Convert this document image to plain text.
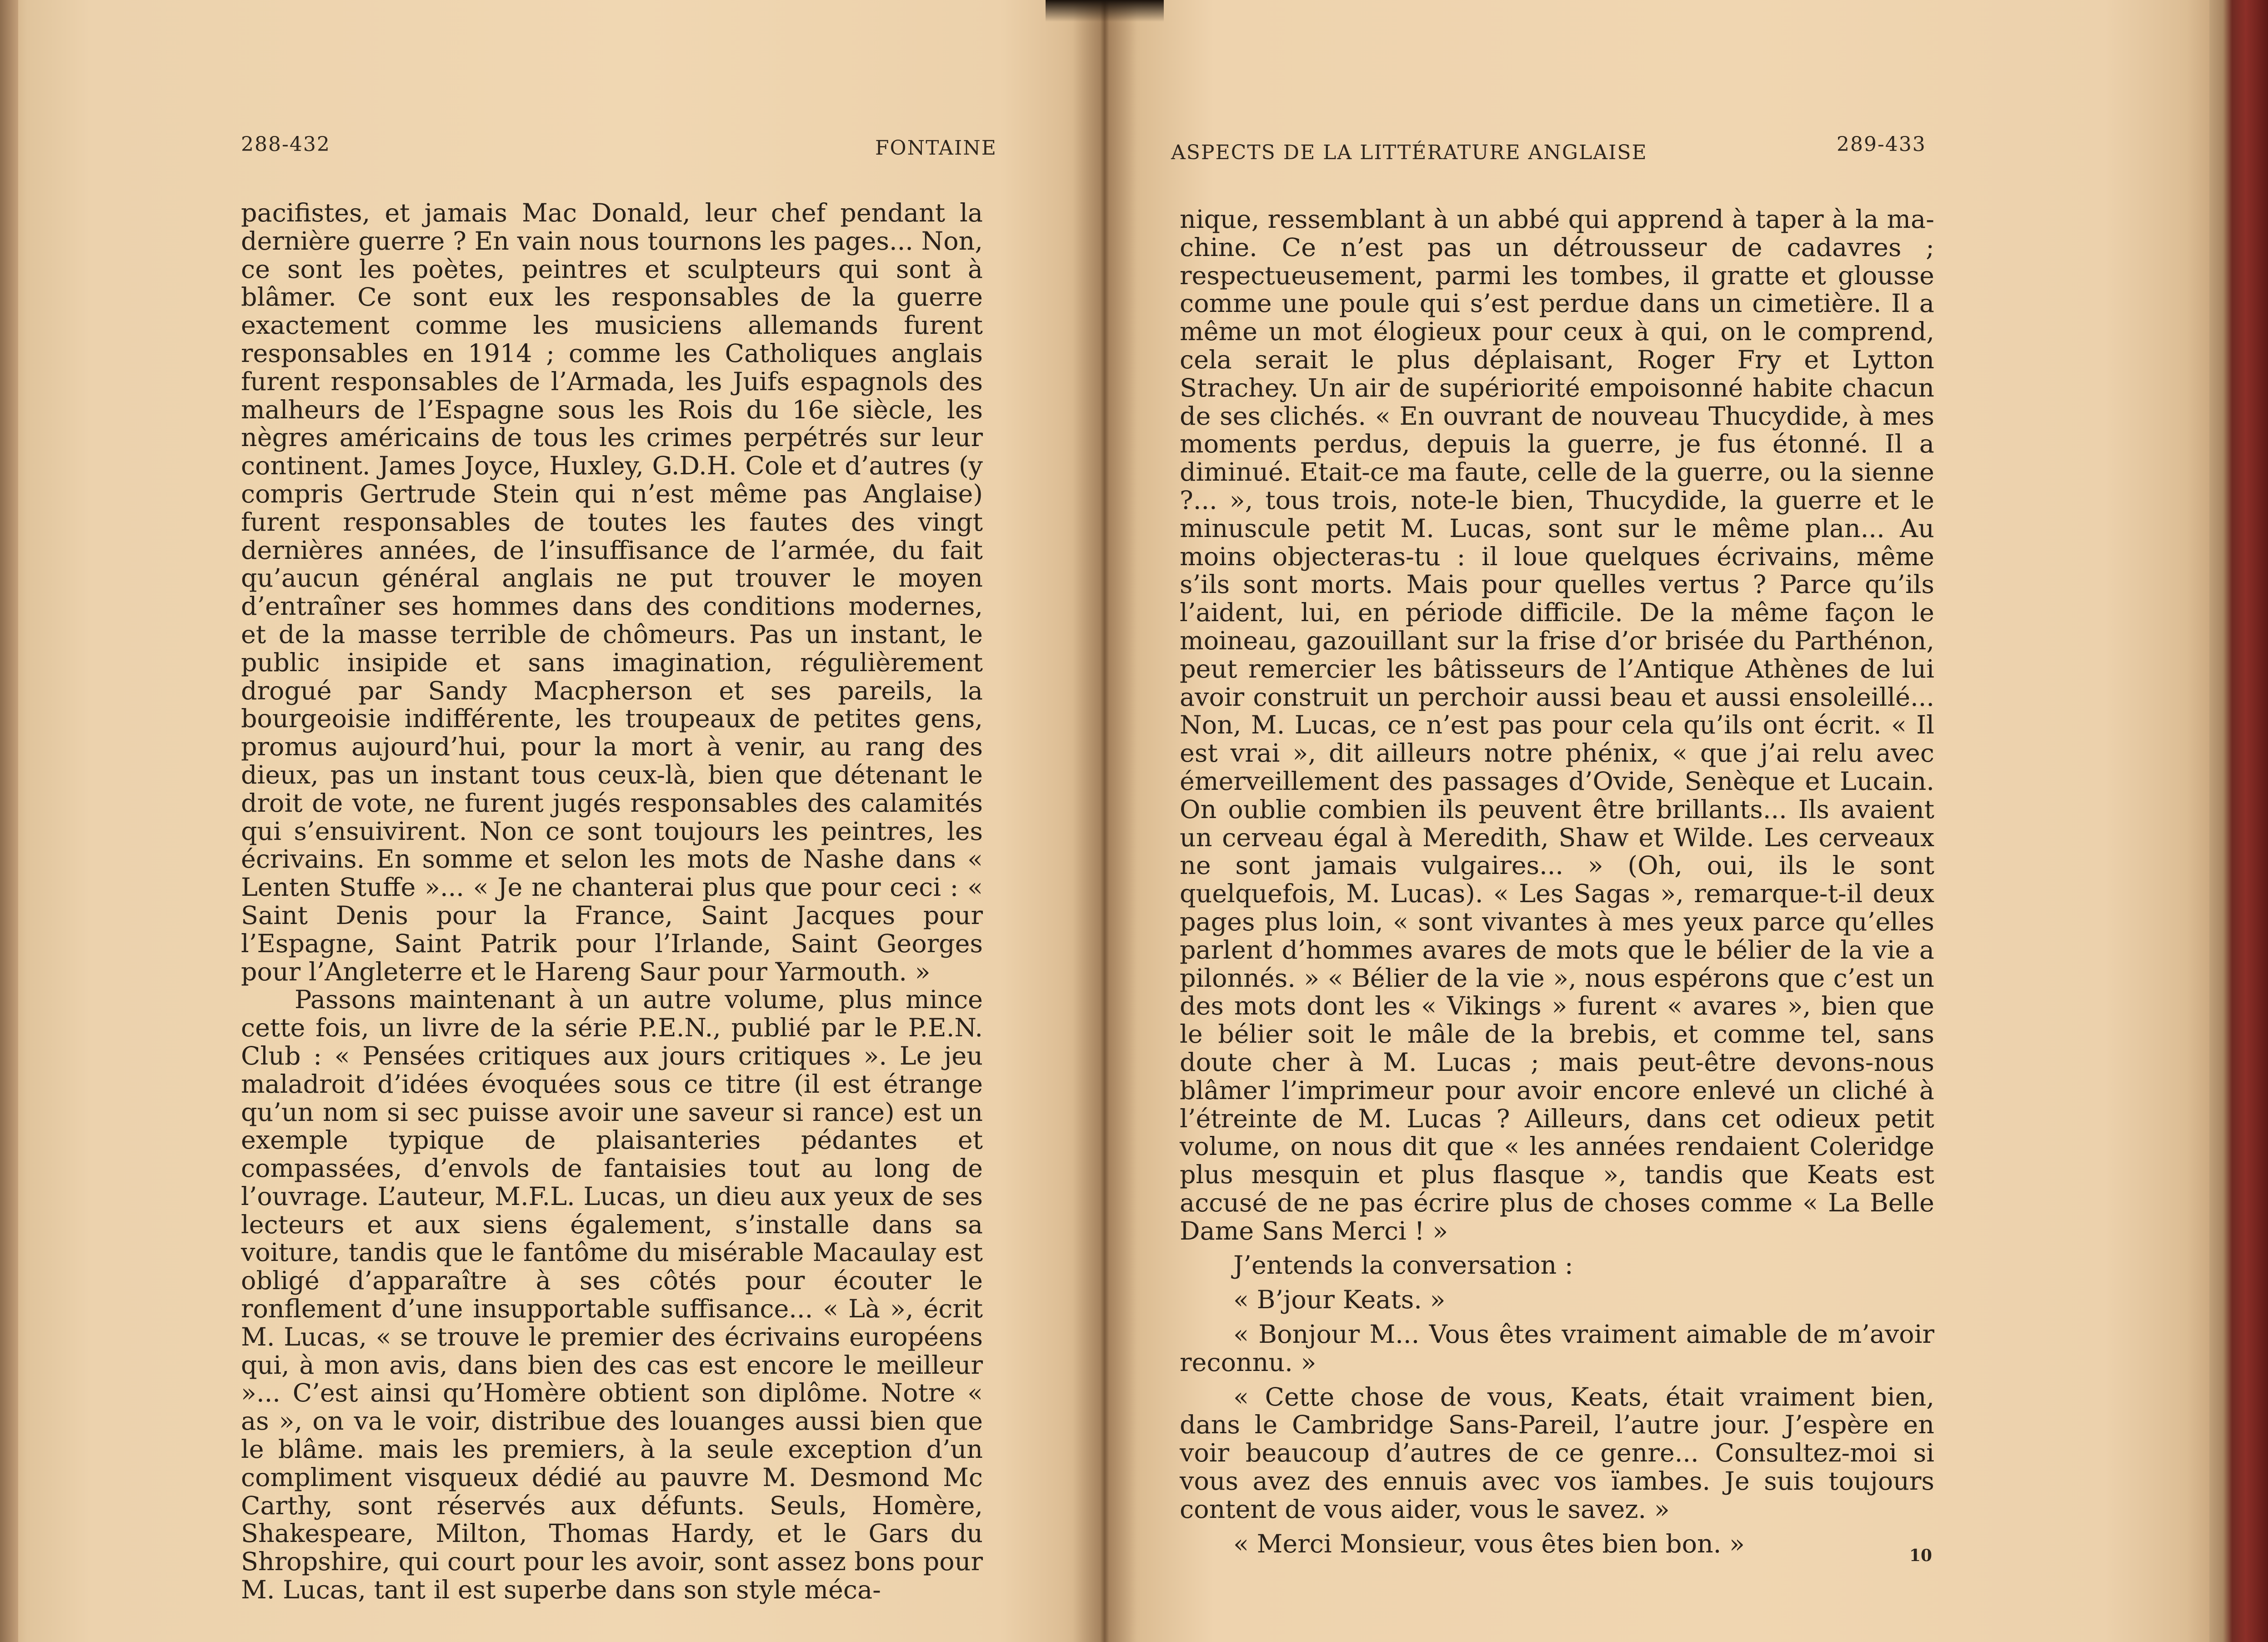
288-432	FONTAINE

pacifistes, et jamais Mac Donald, leur chef pendant la dernière guerre ? En vain nous tournons les pages... Non, ce sont les poètes, peintres et sculpteurs qui sont à blâmer. Ce sont eux les responsables de la guerre exactement comme les musiciens allemands furent responsables en 1914 ; comme les Catholiques anglais furent responsables de l’Armada, les Juifs espagnols des malheurs de l’Espagne sous les Rois du 16e siècle, les nègres américains de tous les crimes perpétrés sur leur continent. James Joyce, Huxley, G.D.H. Cole et d’autres (y compris Gertrude Stein qui n’est même pas Anglaise) furent responsables de toutes les fautes des vingt dernières années, de l’insuffisance de l’armée, du fait qu’aucun général anglais ne put trouver le moyen d’entraîner ses hommes dans des conditions modernes, et de la masse terrible de chômeurs. Pas un instant, le public insipide et sans imagination, régulièrement drogué par Sandy Macpherson et ses pareils, la bourgeoisie indifférente, les troupeaux de petites gens, promus aujourd’hui, pour la mort à venir, au rang des dieux, pas un instant tous ceux-là, bien que détenant le droit de vote, ne furent jugés responsables des calamités qui s’ensuivirent. Non ce sont toujours les peintres, les écrivains. En somme et selon les mots de Nashe dans « Lenten Stuffe »... « Je ne chanterai plus que pour ceci : « Saint Denis pour la France, Saint Jacques pour l’Espagne, Saint Patrik pour l’Irlande, Saint Georges pour l’Angleterre et le Hareng Saur pour Yarmouth. »

Passons maintenant à un autre volume, plus mince cette fois, un livre de la série P.E.N., publié par le P.E.N. Club : « Pensées critiques aux jours critiques ». Le jeu maladroit d’idées évoquées sous ce titre (il est étrange qu’un nom si sec puisse avoir une saveur si rance) est un exemple typique de plaisanteries pédantes et compassées, d’envols de fantaisies tout au long de l’ouvrage. L’auteur, M.F.L. Lucas, un dieu aux yeux de ses lecteurs et aux siens également, s’installe dans sa voiture, tandis que le fantôme du misérable Macaulay est obligé d’apparaître à ses côtés pour écouter le ronflement d’une insupportable suffisance... « Là », écrit M. Lucas, « se trouve le premier des écrivains européens qui, à mon avis, dans bien des cas est encore le meilleur »... C’est ainsi qu’Homère obtient son diplôme. Notre « as », on va le voir, distribue des louanges aussi bien que le blâme. mais les premiers, à la seule exception d’un compliment visqueux dédié au pauvre M. Desmond Mc Carthy, sont réservés aux défunts. Seuls, Homère, Shakespeare, Milton, Thomas Hardy, et le Gars du Shropshire, qui court pour les avoir, sont assez bons pour M. Lucas, tant il est superbe dans son style méca-

ASPECTS DE LA LITTÉRATURE ANGLAISE	289-433

nique, ressemblant à un abbé qui apprend à taper à la machine. Ce n’est pas un détrousseur de cadavres ; respectueusement, parmi les tombes, il gratte et glousse comme une poule qui s’est perdue dans un cimetière. Il a même un mot élogieux pour ceux à qui, on le comprend, cela serait le plus déplaisant, Roger Fry et Lytton Strachey. Un air de supériorité empoisonné habite chacun de ses clichés. « En ouvrant de nouveau Thucydide, à mes moments perdus, depuis la guerre, je fus étonné. Il a diminué. Etait-ce ma faute, celle de la guerre, ou la sienne ?... », tous trois, note-le bien, Thucydide, la guerre et le minuscule petit M. Lucas, sont sur le même plan... Au moins objecteras-tu : il loue quelques écrivains, même s’ils sont morts. Mais pour quelles vertus ? Parce qu’ils l’aident, lui, en période difficile. De la même façon le moineau, gazouillant sur la frise d’or brisée du Parthénon, peut remercier les bâtisseurs de l’Antique Athènes de lui avoir construit un perchoir aussi beau et aussi ensoleillé... Non, M. Lucas, ce n’est pas pour cela qu’ils ont écrit. « Il est vrai », dit ailleurs notre phénix, « que j’ai relu avec émerveillement des passages d’Ovide, Senèque et Lucain. On oublie combien ils peuvent être brillants... Ils avaient un cerveau égal à Meredith, Shaw et Wilde. Les cerveaux ne sont jamais vulgaires... » (Oh, oui, ils le sont quelquefois, M. Lucas). « Les Sagas », remarque-t-il deux pages plus loin, « sont vivantes à mes yeux parce qu’elles parlent d’hommes avares de mots que le bélier de la vie a pilonnés. » « Bélier de la vie », nous espérons que c’est un des mots dont les « Vikings » furent « avares », bien que le bélier soit le mâle de la brebis, et comme tel, sans doute cher à M. Lucas ; mais peut-être devons-nous blâmer l’imprimeur pour avoir encore enlevé un cliché à l’étreinte de M. Lucas ? Ailleurs, dans cet odieux petit volume, on nous dit que « les années rendaient Coleridge plus mesquin et plus flasque », tandis que Keats est accusé de ne pas écrire plus de choses comme « La Belle Dame Sans Merci ! »

J’entends la conversation :

« B’jour Keats. »

« Bonjour M... Vous êtes vraiment aimable de m’avoir reconnu. »

« Cette chose de vous, Keats, était vraiment bien, dans le Cambridge Sans-Pareil, l’autre jour. J’espère en voir beaucoup d’autres de ce genre... Consultez-moi si vous avez des ennuis avec vos ïambes. Je suis toujours content de vous aider, vous le savez. »

« Merci Monsieur, vous êtes bien bon. »	10
